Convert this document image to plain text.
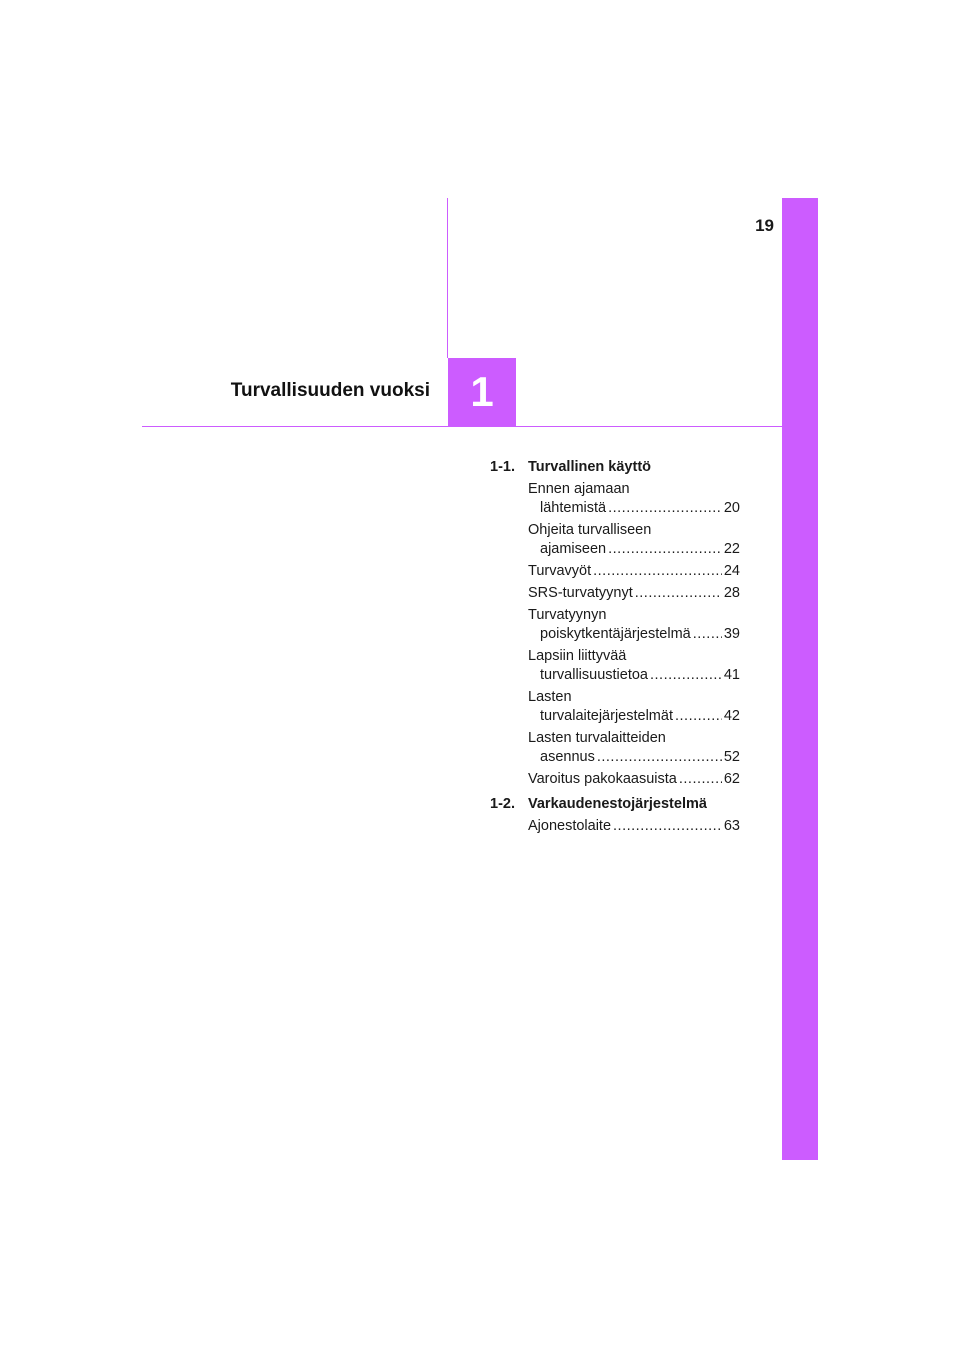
19
1
Turvallisuuden vuoksi
1-1. Turvallinen käyttö
Ennen ajamaan
lähtemistä .....	20
Ohjeita turvalliseen
ajamiseen .....	22
Turvavyöt .....	24
SRS-turvatyynyt .....	28
Turvatyynyn
poiskytkentäjärjestelmä ..... 39
Lapsiin liittyvää
turvallisuustietoa .....	41
Lasten
turvalaitejärjestelmät .....	42
Lasten turvalaitteiden
asennus .....	52
Varoitus pakokaasuista .....	62
1-2. Varkaudenestojärjestelmä
Ajonestolaite .....	63
